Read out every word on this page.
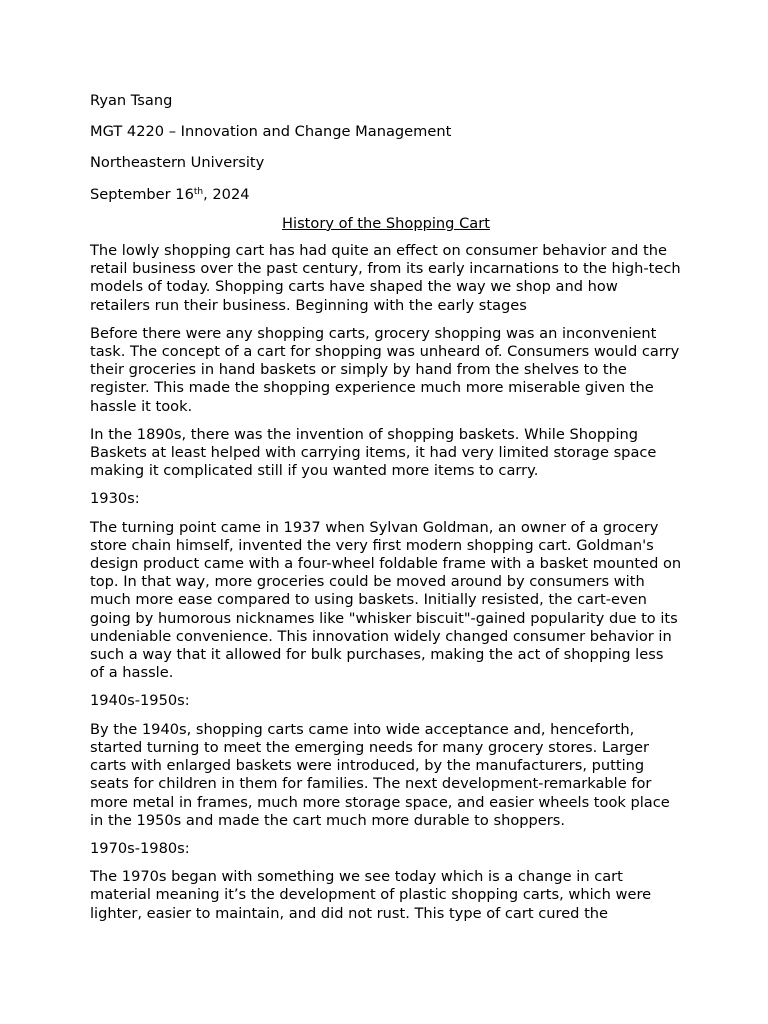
Ryan Tsang

MGT 4220 – Innovation and Change Management

Northeastern University

September 16th, 2024

History of the Shopping Cart

The lowly shopping cart has had quite an effect on consumer behavior and the retail business over the past century, from its early incarnations to the high-tech models of today. Shopping carts have shaped the way we shop and how retailers run their business. Beginning with the early stages

Before there were any shopping carts, grocery shopping was an inconvenient task. The concept of a cart for shopping was unheard of. Consumers would carry their groceries in hand baskets or simply by hand from the shelves to the register. This made the shopping experience much more miserable given the hassle it took.

In the 1890s, there was the invention of shopping baskets. While Shopping Baskets at least helped with carrying items, it had very limited storage space making it complicated still if you wanted more items to carry.

1930s:

The turning point came in 1937 when Sylvan Goldman, an owner of a grocery store chain himself, invented the very first modern shopping cart. Goldman's design product came with a four-wheel foldable frame with a basket mounted on top. In that way, more groceries could be moved around by consumers with much more ease compared to using baskets. Initially resisted, the cart-even going by humorous nicknames like "whisker biscuit"-gained popularity due to its undeniable convenience. This innovation widely changed consumer behavior in such a way that it allowed for bulk purchases, making the act of shopping less of a hassle.

1940s-1950s:

By the 1940s, shopping carts came into wide acceptance and, henceforth, started turning to meet the emerging needs for many grocery stores. Larger carts with enlarged baskets were introduced, by the manufacturers, putting seats for children in them for families. The next development-remarkable for more metal in frames, much more storage space, and easier wheels took place in the 1950s and made the cart much more durable to shoppers.

1970s-1980s:

The 1970s began with something we see today which is a change in cart material meaning it’s the development of plastic shopping carts, which were lighter, easier to maintain, and did not rust. This type of cart cured the
